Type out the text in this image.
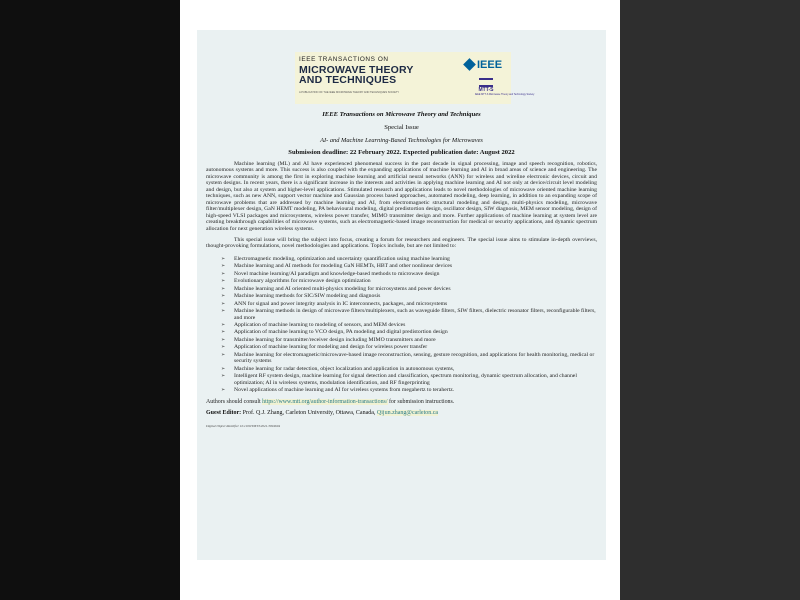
IEEE TRANSACTIONS ON
MICROWAVE THEORY
AND TECHNIQUES
A PUBLICATION OF THE IEEE MICROWAVE THEORY AND TECHNIQUES SOCIETY
IEEE
MTT-S
IEEE MTT-S Microwave Theory and Technology Society
IEEE Transactions on Microwave Theory and Techniques
Special Issue
AI- and Machine Learning-Based Technologies for Microwaves
Submission deadline: 22 February 2022. Expected publication date: August 2022

Machine learning (ML) and AI have experienced phenomenal success in the past decade in signal processing, image and speech recognition, robotics, autonomous systems and more. This success is also coupled with the expanding applications of machine learning and AI in broad areas of science and engineering. The microwave community is among the first in exploring machine learning and artificial neural networks (ANN) for wireless and wireline electronic devices, circuit and system designs. In recent years, there is a significant increase in the interests and activities in applying machine learning and AI not only at device/circuit level modeling and design, but also at system and higher-level applications. Stimulated research and applications leads to novel methodologies of microwave oriented machine learning techniques, such as new ANN, support vector machine and Gaussian process based approaches, automated modeling, deep learning, in addition to an expanding scope of microwave problems that are addressed by machine learning and AI, from electromagnetic structural modeling and design, multi-physics modeling, microwave filter/multiplexer design, GaN HEMT modeling, PA behavioural modeling, digital predistortion design, oscillator design, SIW diagnosis, MEM sensor modeling, design of high-speed VLSI packages and microsystems, wireless power transfer, MIMO transmitter design and more. Further applications of machine learning at system level are creating breakthrough capabilities of microwave systems, such as electromagnetic-based image reconstruction for medical or security applications, and dynamic spectrum allocation for next generation wireless systems.

This special issue will bring the subject into focus, creating a forum for researchers and engineers. The special issue aims to stimulate in-depth overviews, thought-provoking formulations, novel methodologies and applications. Topics include, but are not limited to:

➢ Electromagnetic modeling, optimization and uncertainty quantification using machine learning
➢ Machine learning and AI methods for modeling GaN HEMTs, HBT and other nonlinear devices
➢ Novel machine learning/AI paradigm and knowledge-based methods to microwave design
➢ Evolutionary algorithms for microwave design optimization
➢ Machine learning and AI oriented multi-physics modeling for microsystems and power devices
➢ Machine learning methods for SIC/SIW modeling and diagnosis
➢ ANN for signal and power integrity analysis in IC interconnects, packages, and microsystems
➢ Machine learning methods in design of microwave filters/multiplexers, such as waveguide filters, SIW filters, dielectric resonator filters, reconfigurable filters, and more
➢ Application of machine learning to modeling of sensors, and MEM devices
➢ Application of machine learning to VCO design, PA modeling and digital predistortion design
➢ Machine learning for transmitter/receiver design including MIMO transmitters and more
➢ Application of machine learning for modeling and design for wireless power transfer
➢ Machine learning for electromagnetic/microwave-based image reconstruction, sensing, gesture recognition, and applications for health monitoring, medical or security systems
➢ Machine learning for radar detection, object localization and application in autonomous systems,
➢ Intelligent RF system design, machine learning for signal detection and classification, spectrum monitoring, dynamic spectrum allocation, and channel optimization; AI in wireless systems, modulation identification, and RF fingerprinting
➢ Novel applications of machine learning and AI for wireless systems from megahertz to terahertz.
Authors should consult https://www.mtt.org/author-information-transactions/ for submission instructions.
Guest Editor: Prof. Q.J. Zhang, Carleton University, Ottawa, Canada, Qijun.zhang@carleton.ca
Digital Object Identifier 10.1109/TMTT.2021.3094694
